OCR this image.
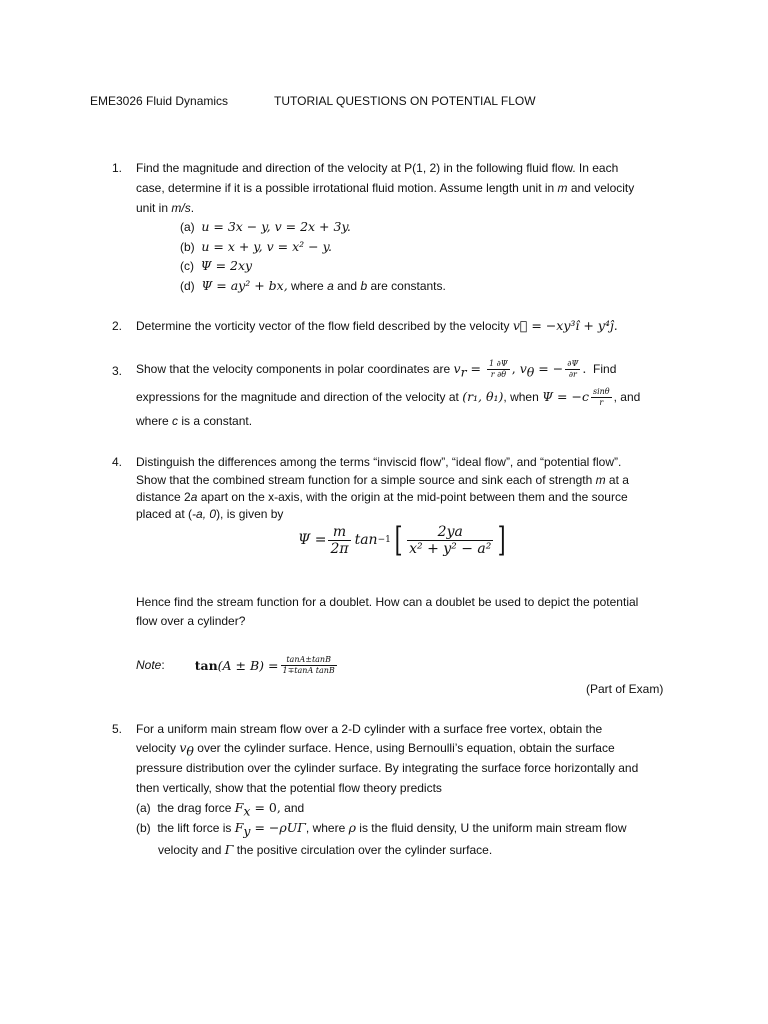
EME3026 Fluid Dynamics	TUTORIAL QUESTIONS ON POTENTIAL FLOW
1. Find the magnitude and direction of the velocity at P(1, 2) in the following fluid flow. In each
case, determine if it is a possible irrotational fluid motion. Assume length unit in m and velocity
unit in m/s.
(a) u = 3x − y, v = 2x + 3y.
(b) u = x + y, v = x² − y.
(c) Ψ = 2xy
(d) Ψ = ay² + bx, where a and b are constants.
2. Determine the vorticity vector of the flow field described by the velocity v⃗ = −xy³î + y⁴ĵ.
3. Show that the velocity components in polar coordinates are $v_r = \frac{1 \partial\Psi}{r \partial\theta}$ , $v_\theta$ = − $\frac{\partial\Psi}{\partial r}$ . Find
expressions for the magnitude and direction of the velocity at (r₁, θ₁), when $\Psi = -c \frac{\sin\theta}{r}$ , and
where c is a constant.
4. Distinguish the differences among the terms “inviscid flow”, “ideal flow”, and “potential flow”.
Show that the combined stream function for a simple source and sink each of strength m at a
distance 2a apart on the x-axis, with the origin at the mid-point between them and the source
placed at (-a, 0), is given by
$\Psi = \frac{m}{2\pi}$ tan −1 [ $\frac{2ya}{\text{x² + y² − a²}}$ ]
Hence find the stream function for a doublet. How can a doublet be used to depict the potential
flow over a cylinder?
Note : $\tan (A \pm B) = \frac{\tan A\pm\tan B}{\text{1∓tanA tanB}}$
(Part of Exam)
5. For a uniform main stream flow over a 2-D cylinder with a surface free vortex, obtain the
velocity $v_\theta$ over the cylinder surface. Hence, using Bernoulli’s equation, obtain the surface
pressure distribution over the cylinder surface. By integrating the surface force horizontally and
then vertically, show that the potential flow theory predicts
(a) the drag force $F_x = 0$, and
(b) the lift force is $F_y = -\rho U\Gamma$, where ρ is the fluid density, U the uniform main stream flow
velocity and Γ the positive circulation over the cylinder surface.
